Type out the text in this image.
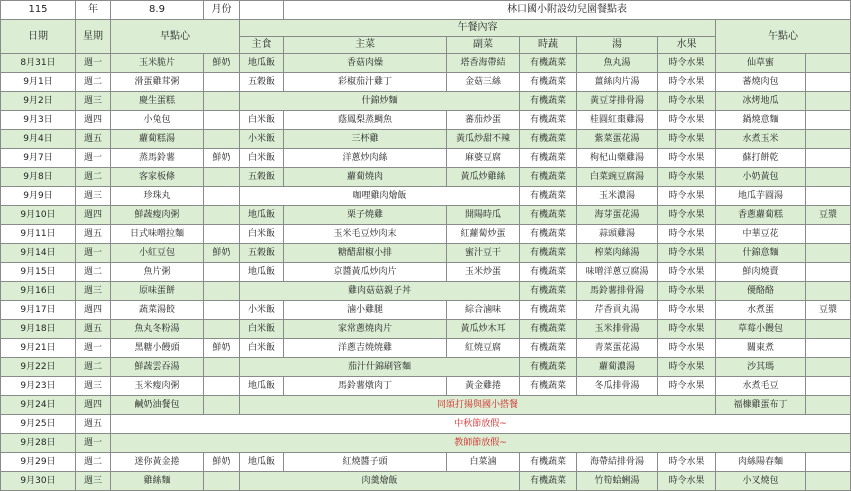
115	年	8.9	月份		林口國小附設幼兒園餐點表						
日期	星期	早點心		午餐內容						午點心	
				主食	主菜	副菜	時蔬	湯	水果		
8月31日	週一	玉米脆片	鮮奶	地瓜飯	香菇肉燥	塔香海帶結	有機蔬菜	魚丸湯	時令水果	仙草蜜	
9月1日	週二	滑蛋雞茸粥		五穀飯	彩椒茄汁雞丁	金菇三絲	有機蔬菜	薑絲肉片湯	時令水果	蕃燒肉包	
9月2日	週三	慶生蛋糕		什錦炒麵			有機蔬菜	黃豆芽排骨湯	時令水果	冰烤地瓜	
9月3日	週四	小兔包		白米飯	蔭鳳梨蒸鯛魚	蕃茄炒蛋	有機蔬菜	桂圓紅棗雞湯	時令水果	鍋燒意麵	
9月4日	週五	蘿蔔糕湯		小米飯	三杯雞	黃瓜炒甜不辣	有機蔬菜	紫菜蛋花湯	時令水果	水煮玉米	
9月7日	週一	蒸馬鈴薯	鮮奶	白米飯	洋蔥炒肉絲	麻婆豆腐	有機蔬菜	枸杞山藥雞湯	時令水果	蘇打餅乾	
9月8日	週二	客家板條		五穀飯	蘿蔔燒肉	黃瓜炒雞絲	有機蔬菜	白菜豌豆腐湯	時令水果	小奶黃包	
9月9日	週三	珍珠丸		咖哩雞肉燴飯			有機蔬菜	玉米濃湯	時令水果	地瓜芋圓湯	
9月10日	週四	鮮蔬瘦肉粥		地瓜飯	栗子燒雞	開陽時瓜	有機蔬菜	海芽蛋花湯	時令水果	香蔥蘿蔔糕	豆漿
9月11日	週五	日式味噌拉麵		白米飯	玉米毛豆炒肉末	紅蘿蔔炒蛋	有機蔬菜	蒜頭雞湯	時令水果	中華豆花	
9月14日	週一	小紅豆包	鮮奶	五穀飯	糖醋甜椒小排	蜜汁豆干	有機蔬菜	榨菜肉絲湯	時令水果	什錦意麵	
9月15日	週二	魚片粥		地瓜飯	京醬黃瓜炒肉片	玉米炒蛋	有機蔬菜	味噌洋蔥豆腐湯	時令水果	鮮肉燒賣	
9月16日	週三	原味蛋餅		雞肉菇菇親子丼			有機蔬菜	馬鈴薯排骨湯	時令水果	優酪酪	
9月17日	週四	蔬菜湯餃		小米飯	滷小雞腿	綜合滷味	有機蔬菜	芹香貢丸湯	時令水果	水煮蛋	豆漿
9月18日	週五	魚丸冬粉湯		白米飯	家常蔥燒肉片	黃瓜炒木耳	有機蔬菜	玉米排骨湯	時令水果	草莓小饅包	
9月21日	週一	黑糖小饅頭	鮮奶	白米飯	洋蔥吉燒燒雞	紅燒豆腐	有機蔬菜	青菜蛋花湯	時令水果	關東煮	
9月22日	週二	鮮蔬雲吞湯		茄汁什錦刷管麵			有機蔬菜	蘿蔔濃湯	時令水果	沙其瑪	
9月23日	週三	玉米瘦肉粥		地瓜飯	馬鈴薯燉肉丁	黃金雞捲	有機蔬菜	冬瓜排骨湯	時令水果	水煮毛豆	
9月24日	週四	鹹奶油餐包		同頌打揚與國小搭餐						福槺雞蛋布丁	
9月25日	週五	中秋節放假~									
9月28日	週一	教師節放假~									
9月29日	週二	迷你黃金捲	鮮奶	地瓜飯	紅燒醬子頭	白菜滷	有機蔬菜	海帶結排骨湯	時令水果	肉絲陽春麵	
9月30日	週三	雞絲麵		肉羹燴飯			有機蔬菜	竹筍蛤蜊湯	時令水果	小叉燒包	
